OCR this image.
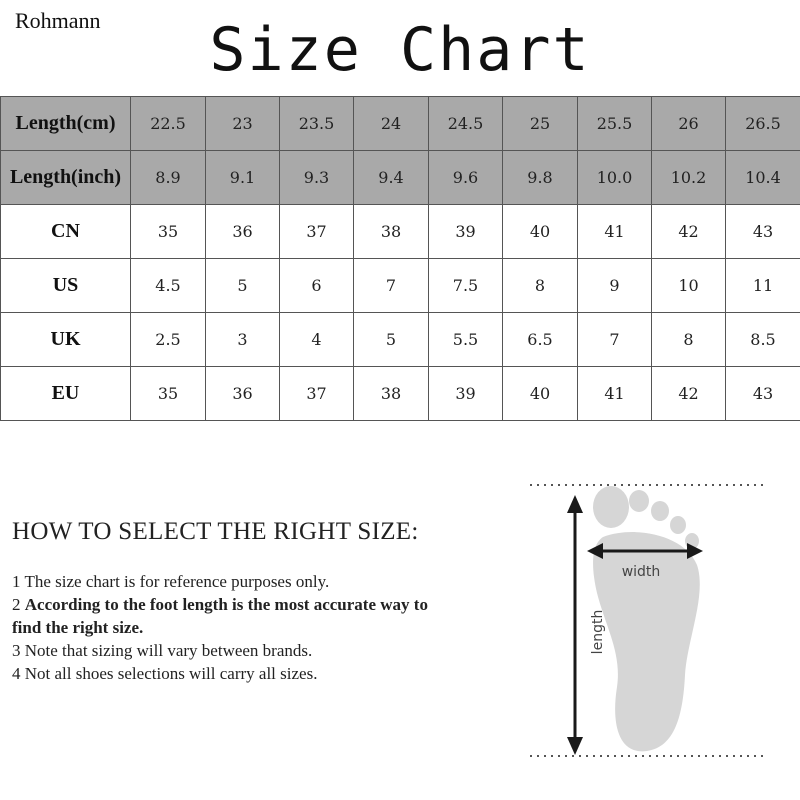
Rohmann	Size Chart
Length(cm)	22.5	23	23.5	24	24.5	25	25.5	26	26.5
Length(inch)	8.9	9.1	9.3	9.4	9.6	9.8	10.0	10.2	10.4
CN	35	36	37	38	39	40	41	42	43
US	4.5	5	6	7	7.5	8	9	10	11
UK	2.5	3	4	5	5.5	6.5	7	8	8.5
EU	35	36	37	38	39	40	41	42	43
HOW TO SELECT THE RIGHT SIZE:

1 The size chart is for reference purposes only.

2 According to the foot length is the most accurate way to find the right size.

3 Note that sizing will vary between brands.

4 Not all shoes selections will carry all sizes.

width
length
